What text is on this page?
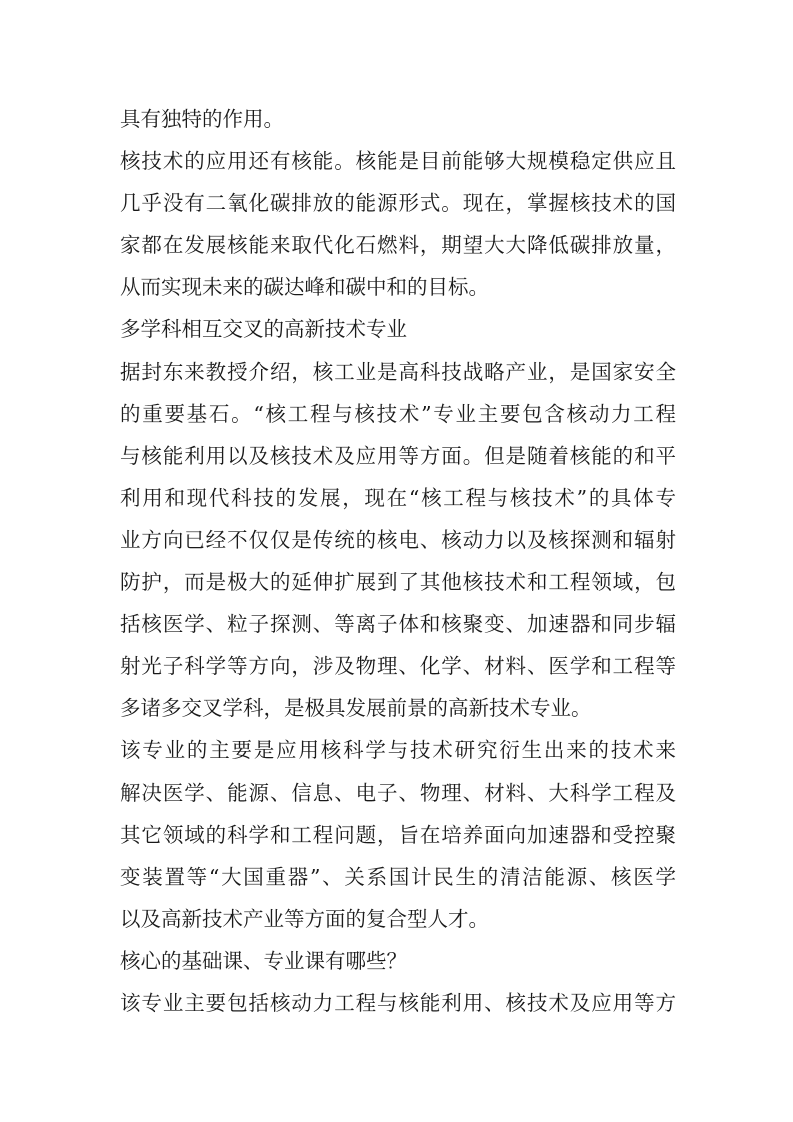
具有独特的作用。
核技术的应用还有核能。核能是目前能够大规模稳定供应且
几乎没有二氧化碳排放的能源形式。现在，掌握核技术的国
家都在发展核能来取代化石燃料，期望大大降低碳排放量，
从而实现未来的碳达峰和碳中和的目标。
多学科相互交叉的高新技术专业
据封东来教授介绍，核工业是高科技战略产业，是国家安全
的重要基石。“核工程与核技术”专业主要包含核动力工程
与核能利用以及核技术及应用等方面。但是随着核能的和平
利用和现代科技的发展，现在“核工程与核技术”的具体专
业方向已经不仅仅是传统的核电、核动力以及核探测和辐射
防护，而是极大的延伸扩展到了其他核技术和工程领域，包
括核医学、粒子探测、等离子体和核聚变、加速器和同步辐
射光子科学等方向，涉及物理、化学、材料、医学和工程等
多诸多交叉学科，是极具发展前景的高新技术专业。
该专业的主要是应用核科学与技术研究衍生出来的技术来
解决医学、能源、信息、电子、物理、材料、大科学工程及
其它领域的科学和工程问题，旨在培养面向加速器和受控聚
变装置等“大国重器”、关系国计民生的清洁能源、核医学
以及高新技术产业等方面的复合型人才。
核心的基础课、专业课有哪些？
该专业主要包括核动力工程与核能利用、核技术及应用等方
